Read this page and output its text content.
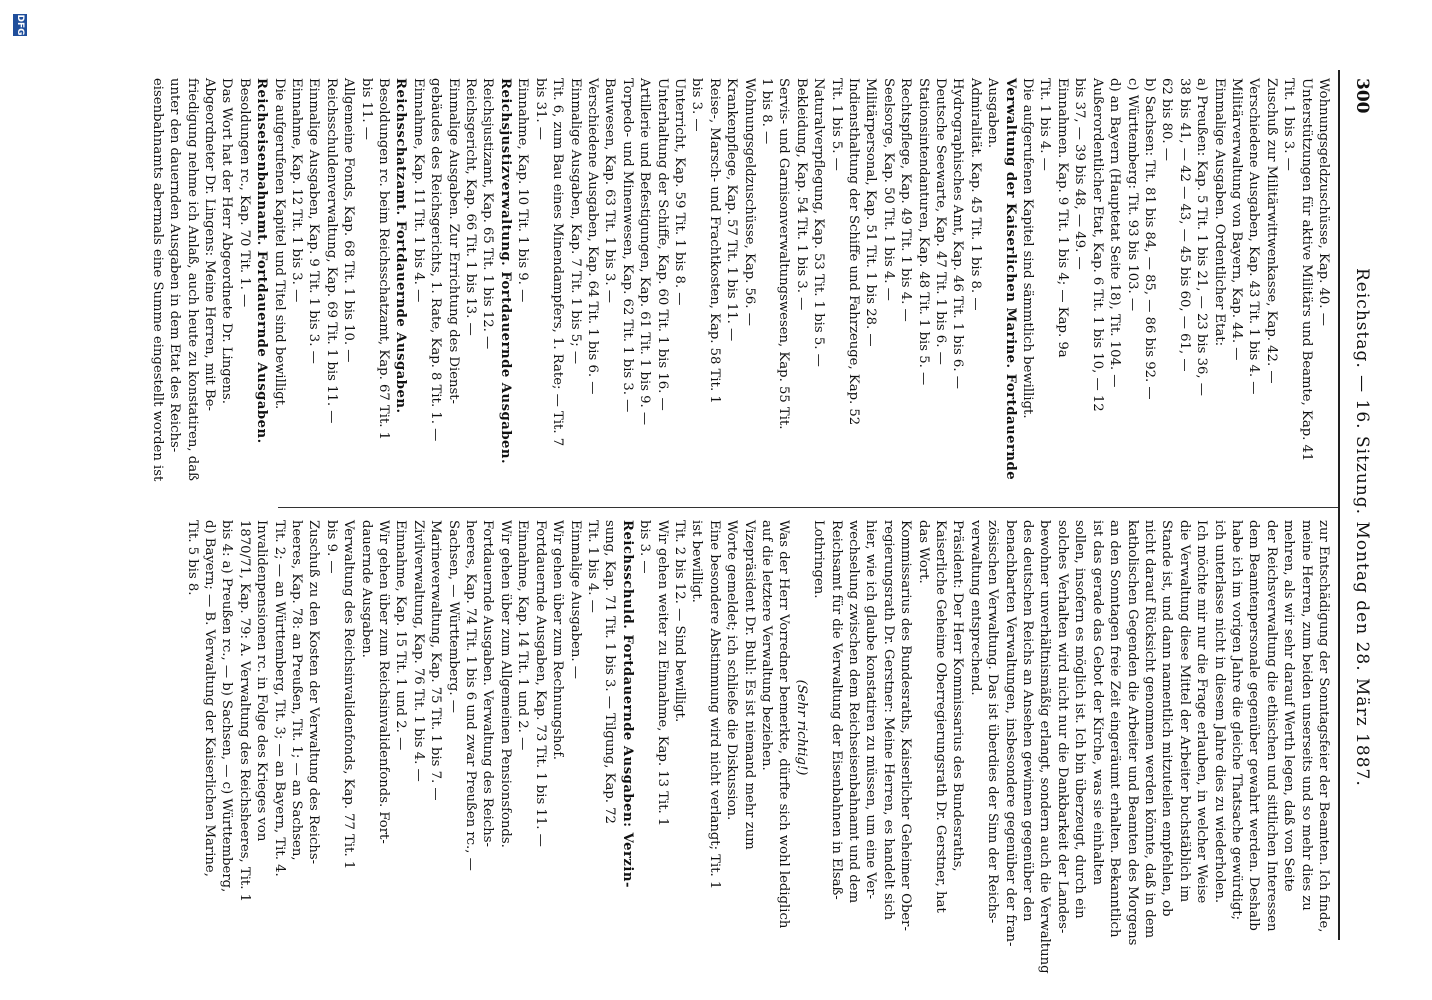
300
Reichstag. — 16. Sitzung. Montag den 28. März 1887.
Wohnungsgeldzuschüsse, Kap. 40. —
Unterstützungen für aktive Militärs und Beamte, Kap. 41
Tit. 1 bis 3. —
Zuschuß zur Militärwittwenkasse, Kap. 42. —
Verschiedene Ausgaben, Kap. 43 Tit. 1 bis 4. —
Militärverwaltung von Bayern, Kap. 44. —
Einmalige Ausgaben. Ordentlicher Etat:
a) Preußen: Kap. 5 Tit. 1 bis 21, — 23 bis 36, —
38 bis 41, — 42 — 43, — 45 bis 60, — 61, —
62 bis 80. —
b) Sachsen: Tit. 81 bis 84, — 85, — 86 bis 92. —
c) Württemberg: Tit. 93 bis 103. —
d) an Bayern (Hauptetat Seite 18), Tit. 104. —
Außerordentlicher Etat, Kap. 6 Tit. 1 bis 10, — 12
bis 37, — 39 bis 48, — 49. —
Einnahmen. Kap. 9 Tit. 1 bis 4; — Kap. 9a
Tit. 1 bis 4. —
Die aufgerufenen Kapitel sind sämmtlich bewilligt.
Verwaltung der Kaiserlichen Marine. Fortdauernde
Ausgaben.
Admiralität. Kap. 45 Tit. 1 bis 8. —
Hydrographisches Amt, Kap. 46 Tit. 1 bis 6. —
Deutsche Seewarte, Kap. 47 Tit. 1 bis 6. —
Stationsintendanturen, Kap. 48 Tit. 1 bis 5. —
Rechtspflege, Kap. 49 Tit. 1 bis 4. —
Seelsorge, Kap. 50 Tit. 1 bis 4. —
Militärpersonal, Kap. 51 Tit. 1 bis 28. —
Indiensthaltung der Schiffe und Fahrzeuge, Kap. 52
Tit. 1 bis 5. —
Naturalverpflegung, Kap. 53 Tit. 1 bis 5. —
Bekleidung, Kap. 54 Tit. 1 bis 3. —
Servis- und Garnisonverwaltungswesen, Kap. 55 Tit.
1 bis 8. —
Wohnungsgeldzuschüsse, Kap. 56. —
Krankenpflege, Kap. 57 Tit. 1 bis 11. —
Reise-, Marsch- und Frachtkosten, Kap. 58 Tit. 1
bis 3. —
Unterricht, Kap. 59 Tit. 1 bis 8. —
Unterhaltung der Schiffe, Kap. 60 Tit. 1 bis 16. —
Artillerie und Befestigungen, Kap. 61 Tit. 1 bis 9. —
Torpedo- und Minenwesen, Kap. 62 Tit. 1 bis 3. —
Bauwesen, Kap. 63 Tit. 1 bis 3. —
Verschiedene Ausgaben, Kap. 64 Tit. 1 bis 6. —
Einmalige Ausgaben, Kap. 7 Tit. 1 bis 5; —
Tit. 6, zum Bau eines Minendampfers, 1. Rate; — Tit. 7
bis 31. —
Einnahme, Kap. 10 Tit. 1 bis 9. —
Reichsjustizverwaltung. Fortdauernde Ausgaben.
Reichsjustizamt, Kap. 65 Tit. 1 bis 12. —
Reichsgericht, Kap. 66 Tit. 1 bis 13. —
Einmalige Ausgaben. Zur Errichtung des Dienst-
gebäudes des Reichsgerichts, 1. Rate, Kap. 8 Tit. 1. —
Einnahme, Kap. 11 Tit. 1 bis 4. —
Reichsschatzamt. Fortdauernde Ausgaben.
Besoldungen rc. beim Reichsschatzamt, Kap. 67 Tit. 1
bis 11. —
Allgemeine Fonds, Kap. 68 Tit. 1 bis 10. —
Reichsschuldenverwaltung, Kap. 69 Tit. 1 bis 11. —
Einmalige Ausgaben, Kap. 9 Tit. 1 bis 3. —
Einnahme, Kap. 12 Tit. 1 bis 3. —
Die aufgerufenen Kapitel und Titel sind bewilligt.
Reichseisenbahnamt. Fortdauernde Ausgaben.
Besoldungen rc., Kap. 70 Tit. 1. —
Das Wort hat der Herr Abgeordnete Dr. Lingens.
Abgeordneter Dr. Lingens: Meine Herren, mit Be-
friedigung nehme ich Anlaß, auch heute zu konstatiren, daß
unter den dauernden Ausgaben in dem Etat des Reichs-
eisenbahnamts abermals eine Summe eingestellt worden ist
zur Entschädigung der Sonntagsfeier der Beamten. Ich finde,
meine Herren, zum beiden unserseits und so mehr dies zu
mehren, als wir sehr darauf Werth legen, daß von Seite
der Reichsverwaltung die ethischen und sittlichen Interessen
dem Beamtenpersonale gegenüber gewahrt werden. Deshalb
habe ich im vorigen Jahre die gleiche Thatsache gewürdigt;
ich unterlasse nicht in diesem Jahre dies zu wiederholen.
Ich möchte mir nur die Frage erlauben, in welcher Weise
die Verwaltung diese Mittel der Arbeiter buchstäblich im
Stande ist, und dann namentlich mitzuteilen empfehlen, ob
nicht darauf Rücksicht genommen werden könnte, daß in dem
katholischen Gegenden die Arbeiter und Beamten des Morgens
an den Sonntagen freie Zeit eingeräumt erhalten. Bekanntlich
ist das gerade das Gebot der Kirche, was sie einhalten
sollen, insofern es möglich ist. Ich bin überzeugt, durch ein
solches Verhalten wird nicht nur die Dankbarkeit der Landes-
bewohner unverhältnismäßig erlangt, sondern auch die Verwaltung
des deutschen Reichs an Ansehen gewinnen gegenüber den
benachbarten Verwaltungen, insbesondere gegenüber der fran-
zösischen Verwaltung. Das ist überdies der Sinn der Reichs-
verwaltung entsprechend.
Präsident: Der Herr Kommissarius des Bundesraths,
Kaiserliche Geheime Oberregierungsrath Dr. Gerstner, hat
das Wort.
Kommissarius des Bundesraths, Kaiserlicher Geheimer Ober-
regierungsrath Dr. Gerstner: Meine Herren, es handelt sich
hier, wie ich glaube konstatiren zu müssen, um eine Ver-
wechselung zwischen dem Reichseisenbahnamt und dem
Reichsamt für die Verwaltung der Eisenbahnen in Elsaß-
Lothringen.
(Sehr richtig!)
Was der Herr Vorredner bemerkte, dürfte sich wohl lediglich
auf die letztere Verwaltung beziehen.
Vizepräsident Dr. Buhl: Es ist niemand mehr zum
Worte gemeldet; ich schließe die Diskussion.
Eine besondere Abstimmung wird nicht verlangt; Tit. 1
ist bewilligt.
Tit. 2 bis 12. — Sind bewilligt.
Wir gehen weiter zu Einnahme, Kap. 13 Tit. 1
bis 3. —
Reichsschuld. Fortdauernde Ausgaben: Verzin-
sung, Kap. 71 Tit. 1 bis 3. — Tilgung, Kap. 72
Tit. 1 bis 4. —
Einmalige Ausgaben. —
Wir gehen über zum Rechnungshof.
Fortdauernde Ausgaben, Kap. 73 Tit. 1 bis 11. —
Einnahme, Kap. 14 Tit. 1 und 2. —
Wir gehen über zum Allgemeinen Pensionsfonds.
Fortdauernde Ausgaben. Verwaltung des Reichs-
heeres, Kap. 74 Tit. 1 bis 6 und zwar Preußen rc., —
Sachsen, — Württemberg. —
Marineverwaltung, Kap. 75 Tit. 1 bis 7. —
Zivilverwaltung, Kap. 76 Tit. 1 bis 4. —
Einnahme, Kap. 15 Tit. 1 und 2. —
Wir gehen über zum Reichsinvalidenfonds. Fort-
dauernde Ausgaben.
Verwaltung des Reichsinvalidenfonds, Kap. 77 Tit. 1
bis 9. —
Zuschuß zu den Kosten der Verwaltung des Reichs-
heeres, Kap. 78: an Preußen, Tit. 1; — an Sachsen,
Tit. 2; — an Württemberg, Tit. 3; — an Bayern, Tit. 4.
Invalidenpensionen rc. in Folge des Krieges von
1870/71, Kap. 79: A. Verwaltung des Reichsheeres, Tit. 1
bis 4: a) Preußen rc., — b) Sachsen, — c) Württemberg,
d) Bayern; — B. Verwaltung der Kaiserlichen Marine,
Tit. 5 bis 8.
DFG
